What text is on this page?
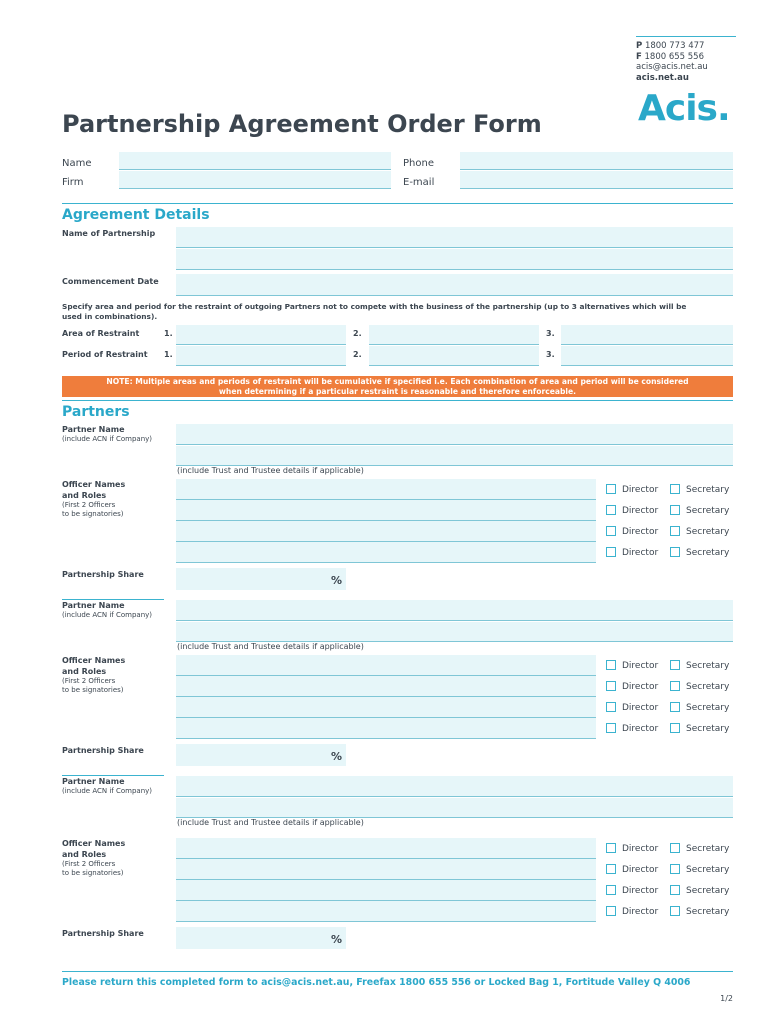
P 1800 773 477
F 1800 655 556
acis@acis.net.au
acis.net.au
Acis.
Partnership Agreement Order Form
Name
Firm
Phone
E-mail
Agreement Details
Name of Partnership
Commencement Date
Specify area and period for the restraint of outgoing Partners not to compete with the business of the partnership (up to 3 alternatives which will be
used in combinations).
Area of Restraint	1.	2.	3.
Period of Restraint 1.	2.	3.
NOTE: Multiple areas and periods of restraint will be cumulative if specified i.e. Each combination of area and period will be considered
when determining if a particular restraint is reasonable and therefore enforceable.
Partners
Partner Name
(include ACN if Company)
(include Trust and Trustee details if applicable)
Officer Names
and Roles
(First 2 Officers
to be signatories)
Director	Secretary
Director	Secretary
Director	Secretary
Director	Secretary
Partnership Share	%
Partner Name
(include ACN if Company)
(include Trust and Trustee details if applicable)
Officer Names
and Roles
(First 2 Officers
to be signatories)
Director	Secretary
Director	Secretary
Director	Secretary
Director	Secretary
Partnership Share	%
Partner Name
(include ACN if Company)
(include Trust and Trustee details if applicable)
Officer Names
and Roles
(First 2 Officers
to be signatories)
Director	Secretary
Director	Secretary
Director	Secretary
Director	Secretary
Partnership Share	%
Please return this completed form to acis@acis.net.au, Freefax 1800 655 556 or Locked Bag 1, Fortitude Valley Q 4006
1/2
